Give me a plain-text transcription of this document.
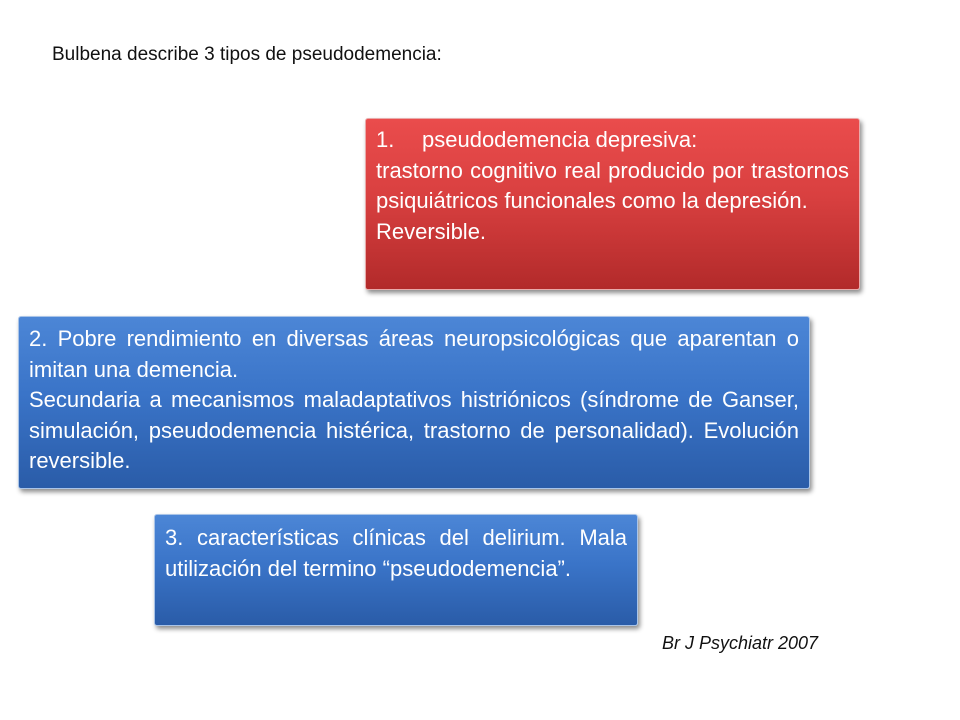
Bulbena describe 3 tipos de pseudodemencia:
1.	pseudodemencia depresiva:

trastorno cognitivo real producido por trastornos psiquiátricos funcionales como la depresión.

Reversible.

2. Pobre rendimiento en diversas áreas neuropsicológicas que aparentan o imitan una demencia.

Secundaria a mecanismos maladaptativos histriónicos (síndrome de Ganser, simulación, pseudodemencia histérica, trastorno de personalidad). Evolución reversible.

3. características clínicas del delirium. Mala utilización del termino “pseudodemencia”.

Br J Psychiatr 2007
